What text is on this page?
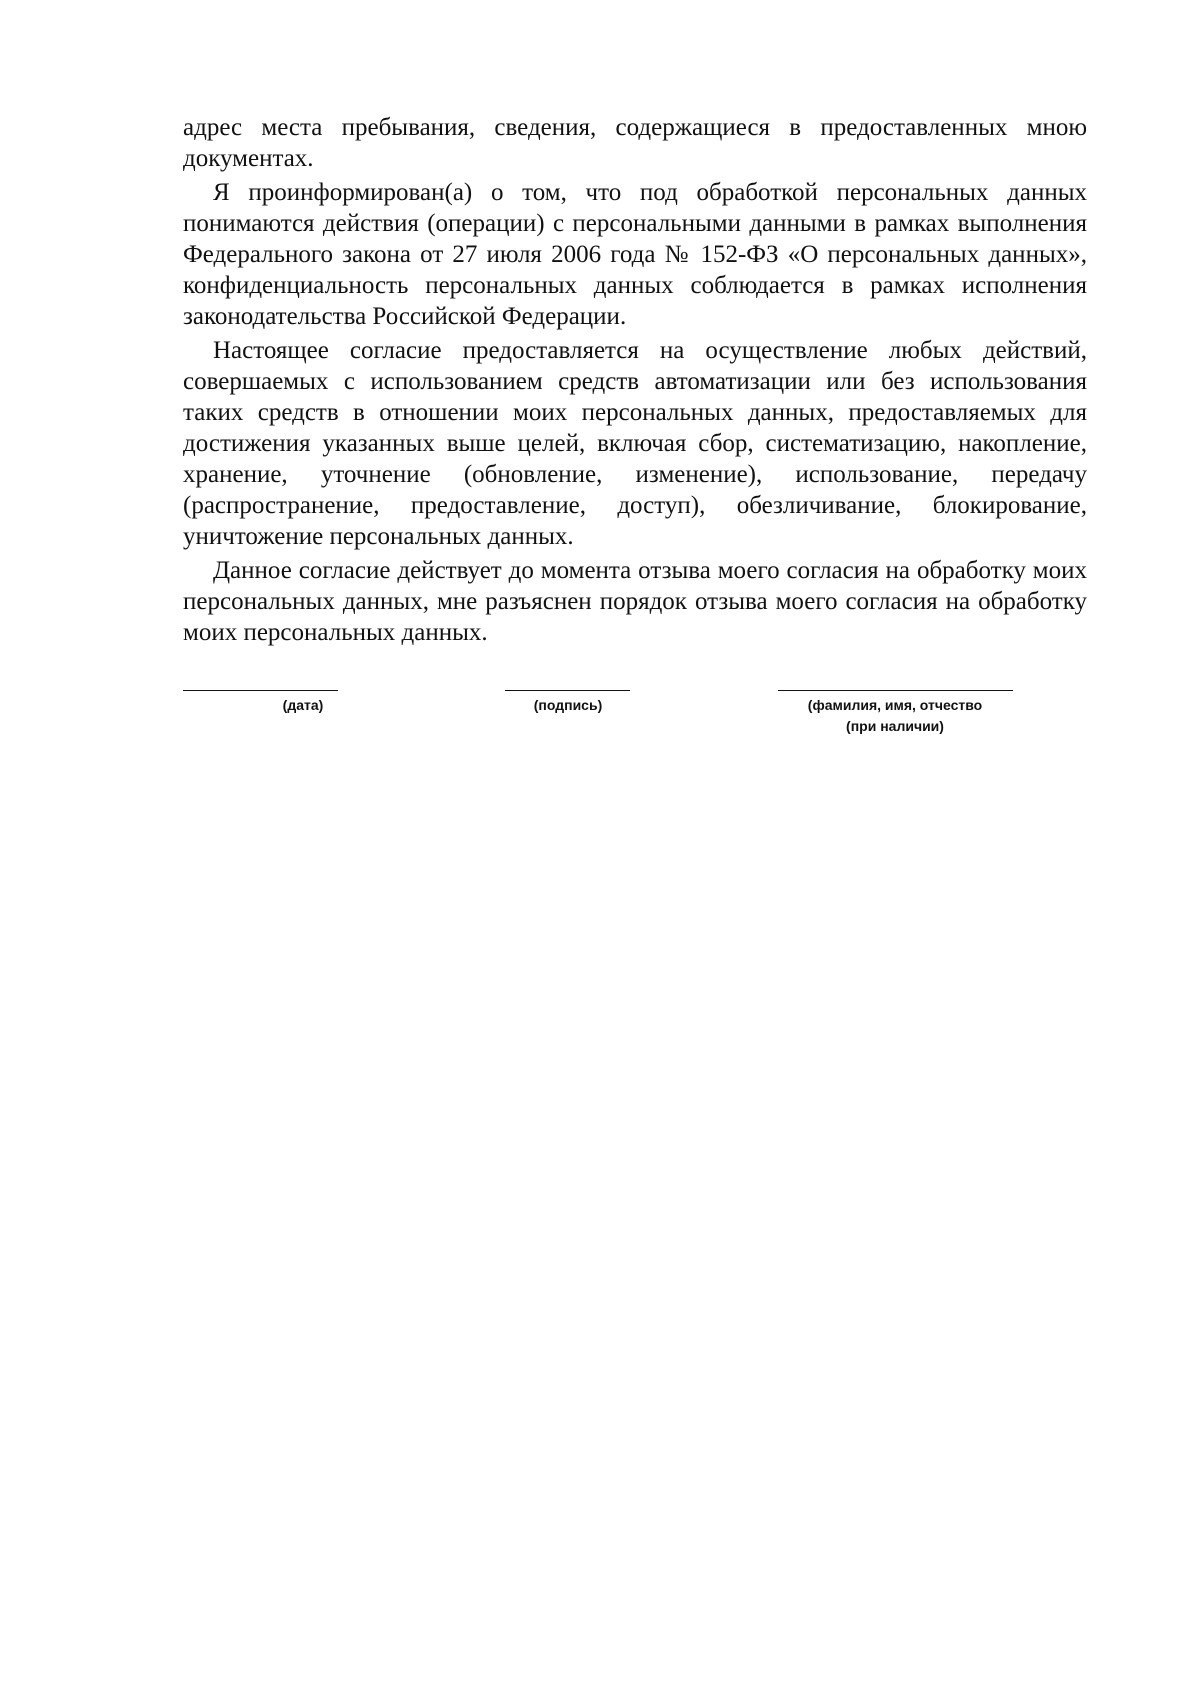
адрес места пребывания, сведения, содержащиеся в предоставленных мною документах.

Я проинформирован(а) о том, что под обработкой персональных данных понимаются действия (операции) с персональными данными в рамках выполнения Федерального закона от 27 июля 2006 года № 152-ФЗ «О персональных данных», конфиденциальность персональных данных соблюдается в рамках исполнения законодательства Российской Федерации.

Настоящее согласие предоставляется на осуществление любых действий, совершаемых с использованием средств автоматизации или без использования таких средств в отношении моих персональных данных, предоставляемых для достижения указанных выше целей, включая сбор, систематизацию, накопление, хранение, уточнение (обновление, изменение), использование, передачу (распространение, предоставление, доступ), обезличивание, блокирование, уничтожение персональных данных.

Данное согласие действует до момента отзыва моего согласия на обработку моих персональных данных, мне разъяснен порядок отзыва моего согласия на обработку моих персональных данных.

(дата)	(подпись)	(фамилия, имя, отчество
(при наличии)
